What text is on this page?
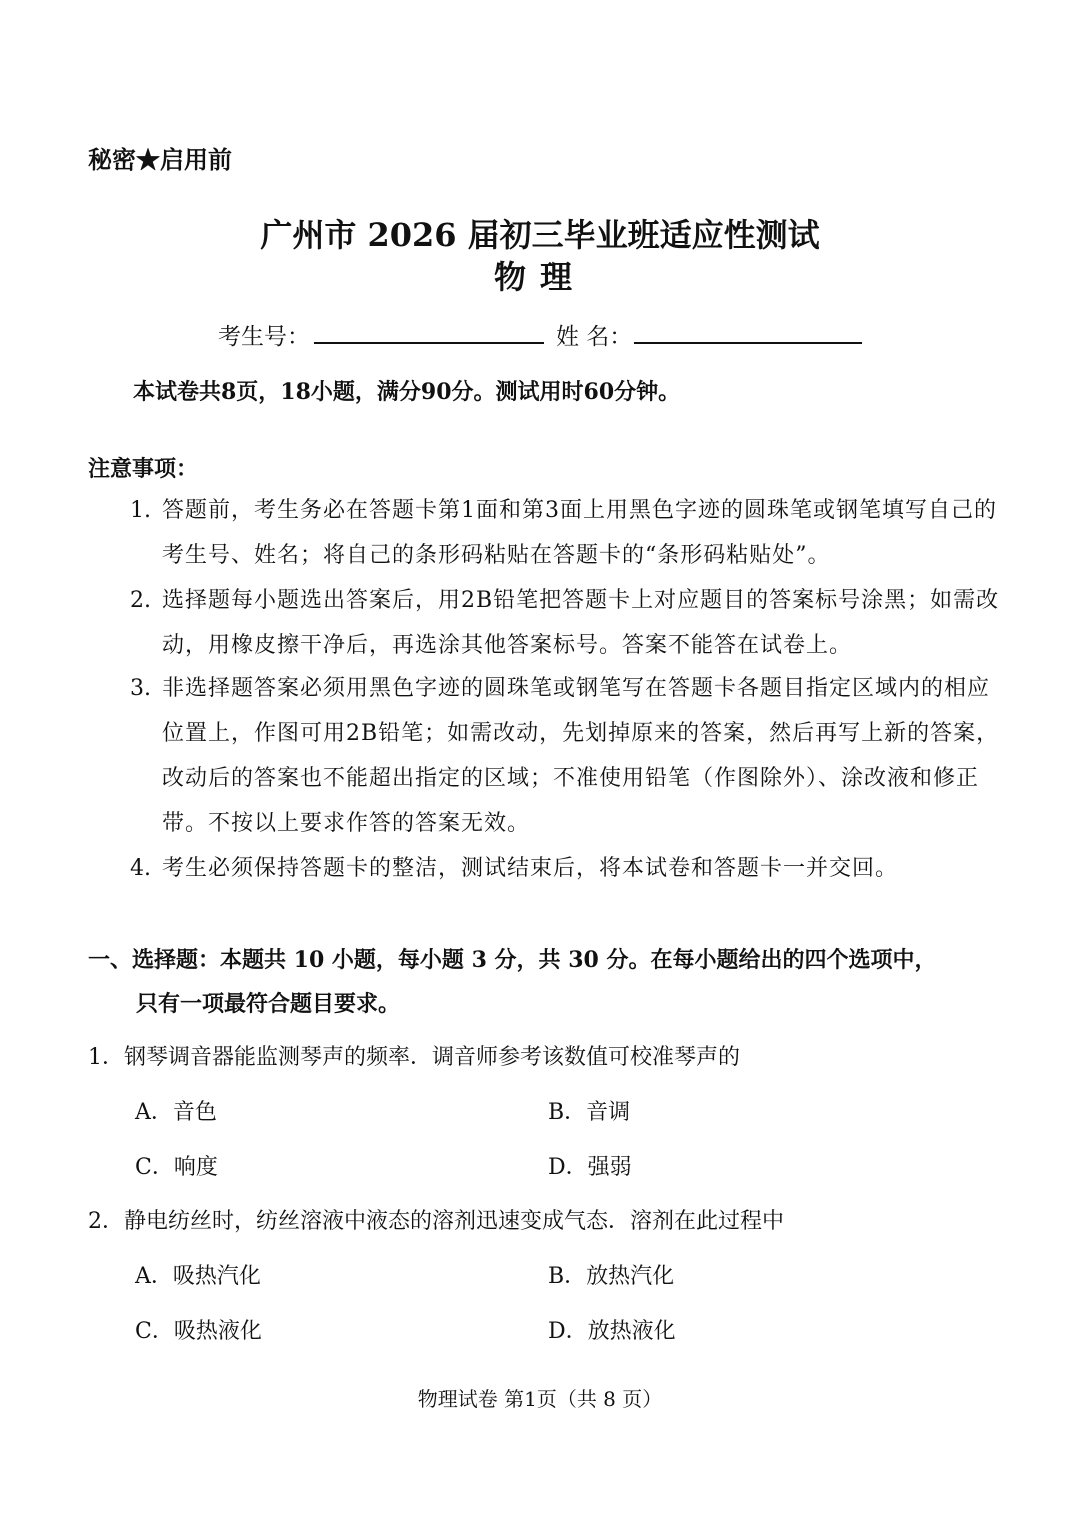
秘密★启用前
广州市 2026 届初三毕业班适应性测试
物理
考生号：	姓 名：
本试卷共8页，18小题，满分90分。测试用时60分钟。
注意事项：
1. 答题前，考生务必在答题卡第1面和第3面上用黑色字迹的圆珠笔或钢笔填写自己的考生号、姓名；将自己的条形码粘贴在答题卡的“条形码粘贴处”。
2. 选择题每小题选出答案后，用2B铅笔把答题卡上对应题目的答案标号涂黑；如需改动，用橡皮擦干净后，再选涂其他答案标号。答案不能答在试卷上。
3. 非选择题答案必须用黑色字迹的圆珠笔或钢笔写在答题卡各题目指定区域内的相应位置上，作图可用2B铅笔；如需改动，先划掉原来的答案，然后再写上新的答案，改动后的答案也不能超出指定的区域；不准使用铅笔（作图除外）、涂改液和修正带。不按以上要求作答的答案无效。
4. 考生必须保持答题卡的整洁，测试结束后，将本试卷和答题卡一并交回。
一、选择题：本题共 10 小题，每小题 3 分，共 30 分。在每小题给出的四个选项中，
只有一项最符合题目要求。
1．钢琴调音器能监测琴声的频率．调音师参考该数值可校准琴声的
A．音色	B．音调
C．响度	D．强弱
2．静电纺丝时，纺丝溶液中液态的溶剂迅速变成气态．溶剂在此过程中
A．吸热汽化	B．放热汽化
C．吸热液化	D．放热液化
物理试卷 第1页（共 8 页）
